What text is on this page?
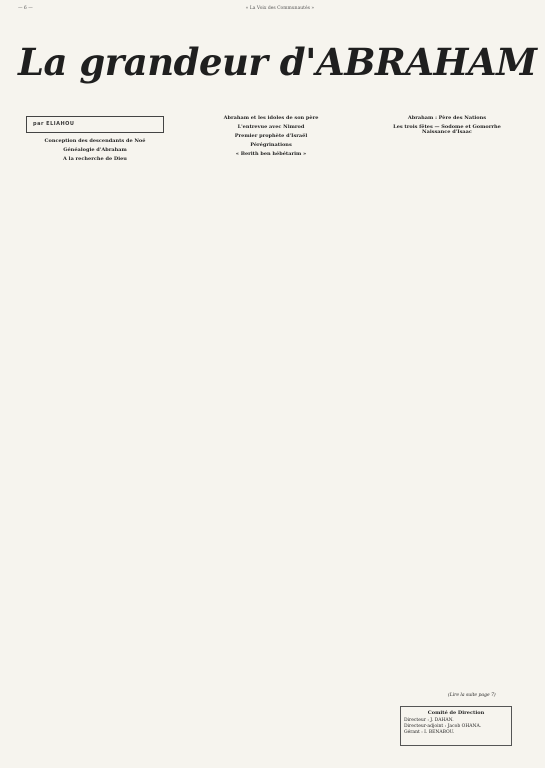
— 6 —	« La Voix des Communautés »
La grandeur d'ABRAHAM
par ELIAHOU
Conception des descendants de Noé
Généalogie d'Abraham
A la recherche de Dieu
Abraham et les idoles de son père
L'entrevue avec Nimrod
Premier prophète d'Israël
Pérégrinations
« Berith ben hébétarim »
Abraham : Père des Nations
Les trois fêtes — Sodome et Gomorrhe
Naissance d'Isaac
(Lire la suite page 7)
Comité de Direction
Directeur : J. DAHAN.
Directeur-adjoint : Jacob OHANA.
Gérant : I. BENABOU.
